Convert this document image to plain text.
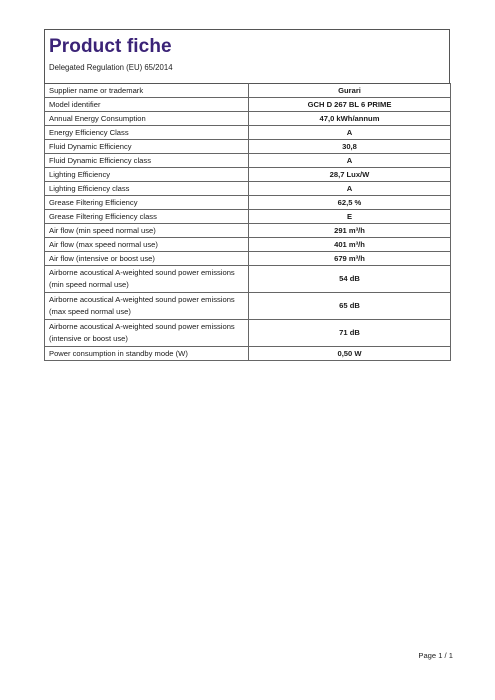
Product fiche
Delegated Regulation (EU) 65/2014
Supplier name or trademark	Gurari
Model identifier	GCH D 267 BL 6 PRIME
Annual Energy Consumption	47,0 kWh/annum
Energy Efficiency Class	A
Fluid Dynamic Efficiency	30,8
Fluid Dynamic Efficiency class	A
Lighting Efficiency	28,7 Lux/W
Lighting Efficiency class	A
Grease Filtering Efficiency	62,5 %
Grease Filtering Efficiency class	E
Air flow (min speed normal use)	291 m³/h
Air flow (max speed normal use)	401 m³/h
Air flow (intensive or boost use)	679 m³/h
Airborne acoustical A-weighted sound power emissions
(min speed normal use)	54 dB
Airborne acoustical A-weighted sound power emissions
(max speed normal use)	65 dB
Airborne acoustical A-weighted sound power emissions
(intensive or boost use)	71 dB
Power consumption in standby mode (W)	0,50 W
Page 1 / 1
